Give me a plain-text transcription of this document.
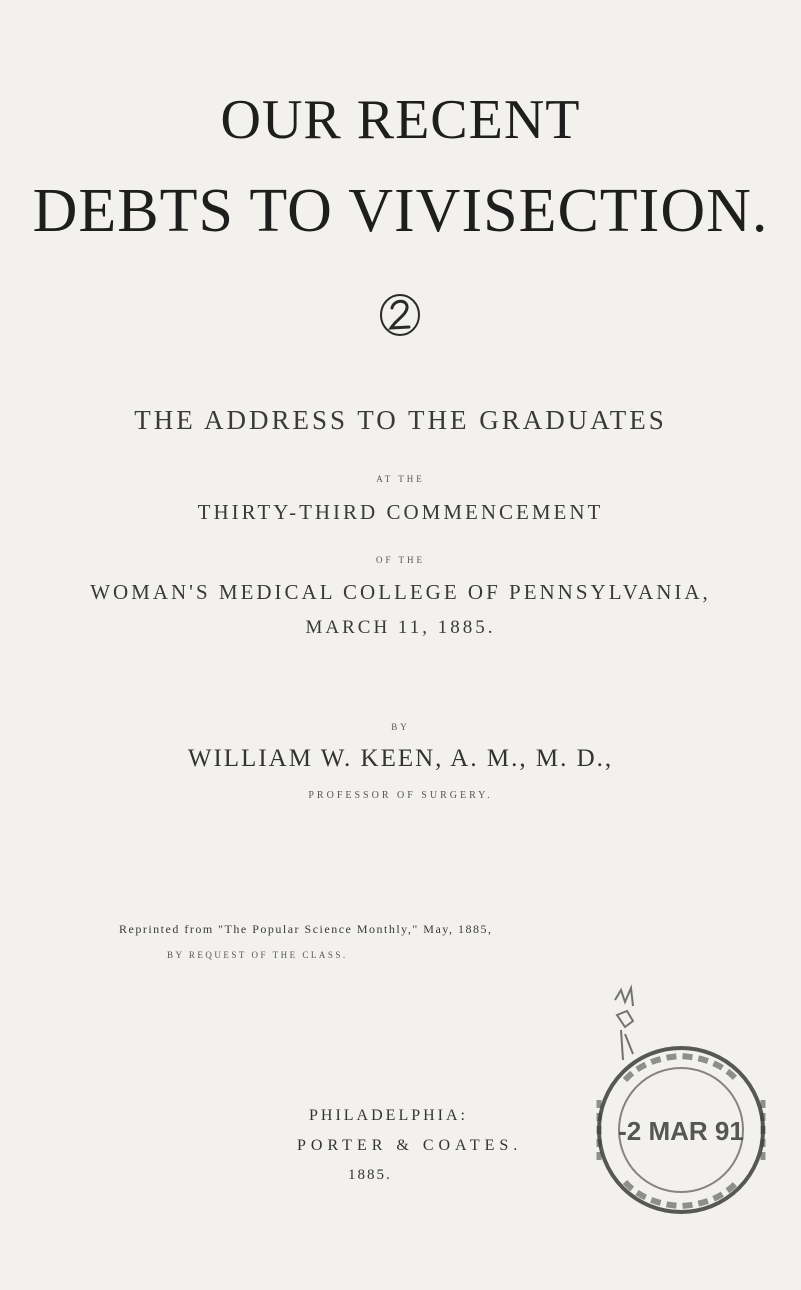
OUR RECENT
DEBTS TO VIVISECTION.
THE ADDRESS TO THE GRADUATES
AT THE
THIRTY-THIRD COMMENCEMENT
OF THE
WOMAN'S MEDICAL COLLEGE OF PENNSYLVANIA,
MARCH 11, 1885.
BY
WILLIAM W. KEEN, A. M., M. D.,
PROFESSOR OF SURGERY.
Reprinted from "The Popular Science Monthly," May, 1885,
BY REQUEST OF THE CLASS.
PHILADELPHIA:
PORTER & COATES.
1885.
-2 MAR 91
